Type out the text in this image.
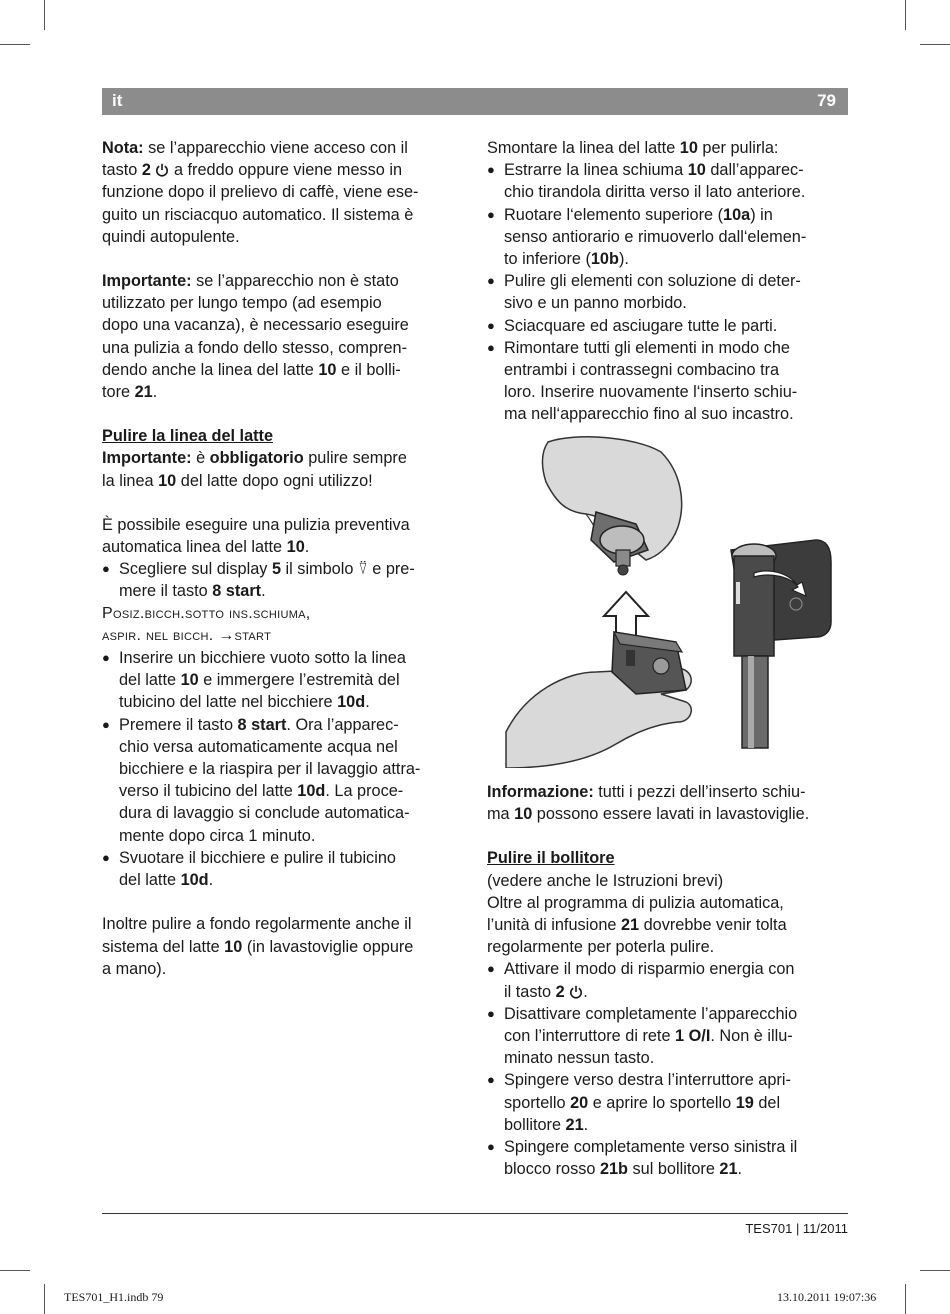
it	79

Nota: se l’apparecchio viene acceso con il
tasto 2  a freddo oppure viene messo in
funzione dopo il prelievo di caffè, viene ese-
guito un risciacquo automatico. Il sistema è
quindi autopulente.

Importante: se l’apparecchio non è stato
utilizzato per lungo tempo (ad esempio
dopo una vacanza), è necessario eseguire
una pulizia a fondo dello stesso, compren-
dendo anche la linea del latte 10 e il bolli-
tore 21.

Pulire la linea del latte
Importante: è obbligatorio pulire sempre
la linea 10 del latte dopo ogni utilizzo!

È possibile eseguire una pulizia preventiva
automatica linea del latte 10.

● Scegliere sul display 5 il simbolo ⍢ e pre-
mere il tasto 8 start.

Posiz.bicch.sotto ins.schiuma,
aspir. nel bicch. →start

● Inserire un bicchiere vuoto sotto la linea
del latte 10 e immergere l’estremità del
tubicino del latte nel bicchiere 10d.

● Premere il tasto 8 start. Ora l’apparec-
chio versa automaticamente acqua nel
bicchiere e la riaspira per il lavaggio attra-
verso il tubicino del latte 10d. La proce-
dura di lavaggio si conclude automatica-
mente dopo circa 1 minuto.

● Svuotare il bicchiere e pulire il tubicino
del latte 10d.

Inoltre pulire a fondo regolarmente anche il
sistema del latte 10 (in lavastoviglie oppure
a mano).

Smontare la linea del latte 10 per pulirla:

● Estrarre la linea schiuma 10 dall’apparec-
chio tirandola diritta verso il lato anteriore.

● Ruotare l‘elemento superiore (10a) in
senso antiorario e rimuoverlo dall‘elemen-
to inferiore (10b).

● Pulire gli elementi con soluzione di deter-
sivo e un panno morbido.

● Sciacquare ed asciugare tutte le parti.

● Rimontare tutti gli elementi in modo che
entrambi i contrassegni combacino tra
loro. Inserire nuovamente l‘inserto schiu-
ma nell‘apparecchio fino al suo incastro.

Informazione: tutti i pezzi dell’inserto schiu-
ma 10 possono essere lavati in lavastoviglie.

Pulire il bollitore
(vedere anche le Istruzioni brevi)
Oltre al programma di pulizia automatica,
l’unità di infusione 21 dovrebbe venir tolta
regolarmente per poterla pulire.

● Attivare il modo di risparmio energia con
il tasto 2 .

● Disattivare completamente l’apparecchio
con l’interruttore di rete 1 O/I. Non è illu-
minato nessun tasto.

● Spingere verso destra l’interruttore apri-
sportello 20 e aprire lo sportello 19 del
bollitore 21.

● Spingere completamente verso sinistra il
blocco rosso 21b sul bollitore 21.

TES701 | 11/2011
TES701_H1.indb 79	13.10.2011 19:07:36
